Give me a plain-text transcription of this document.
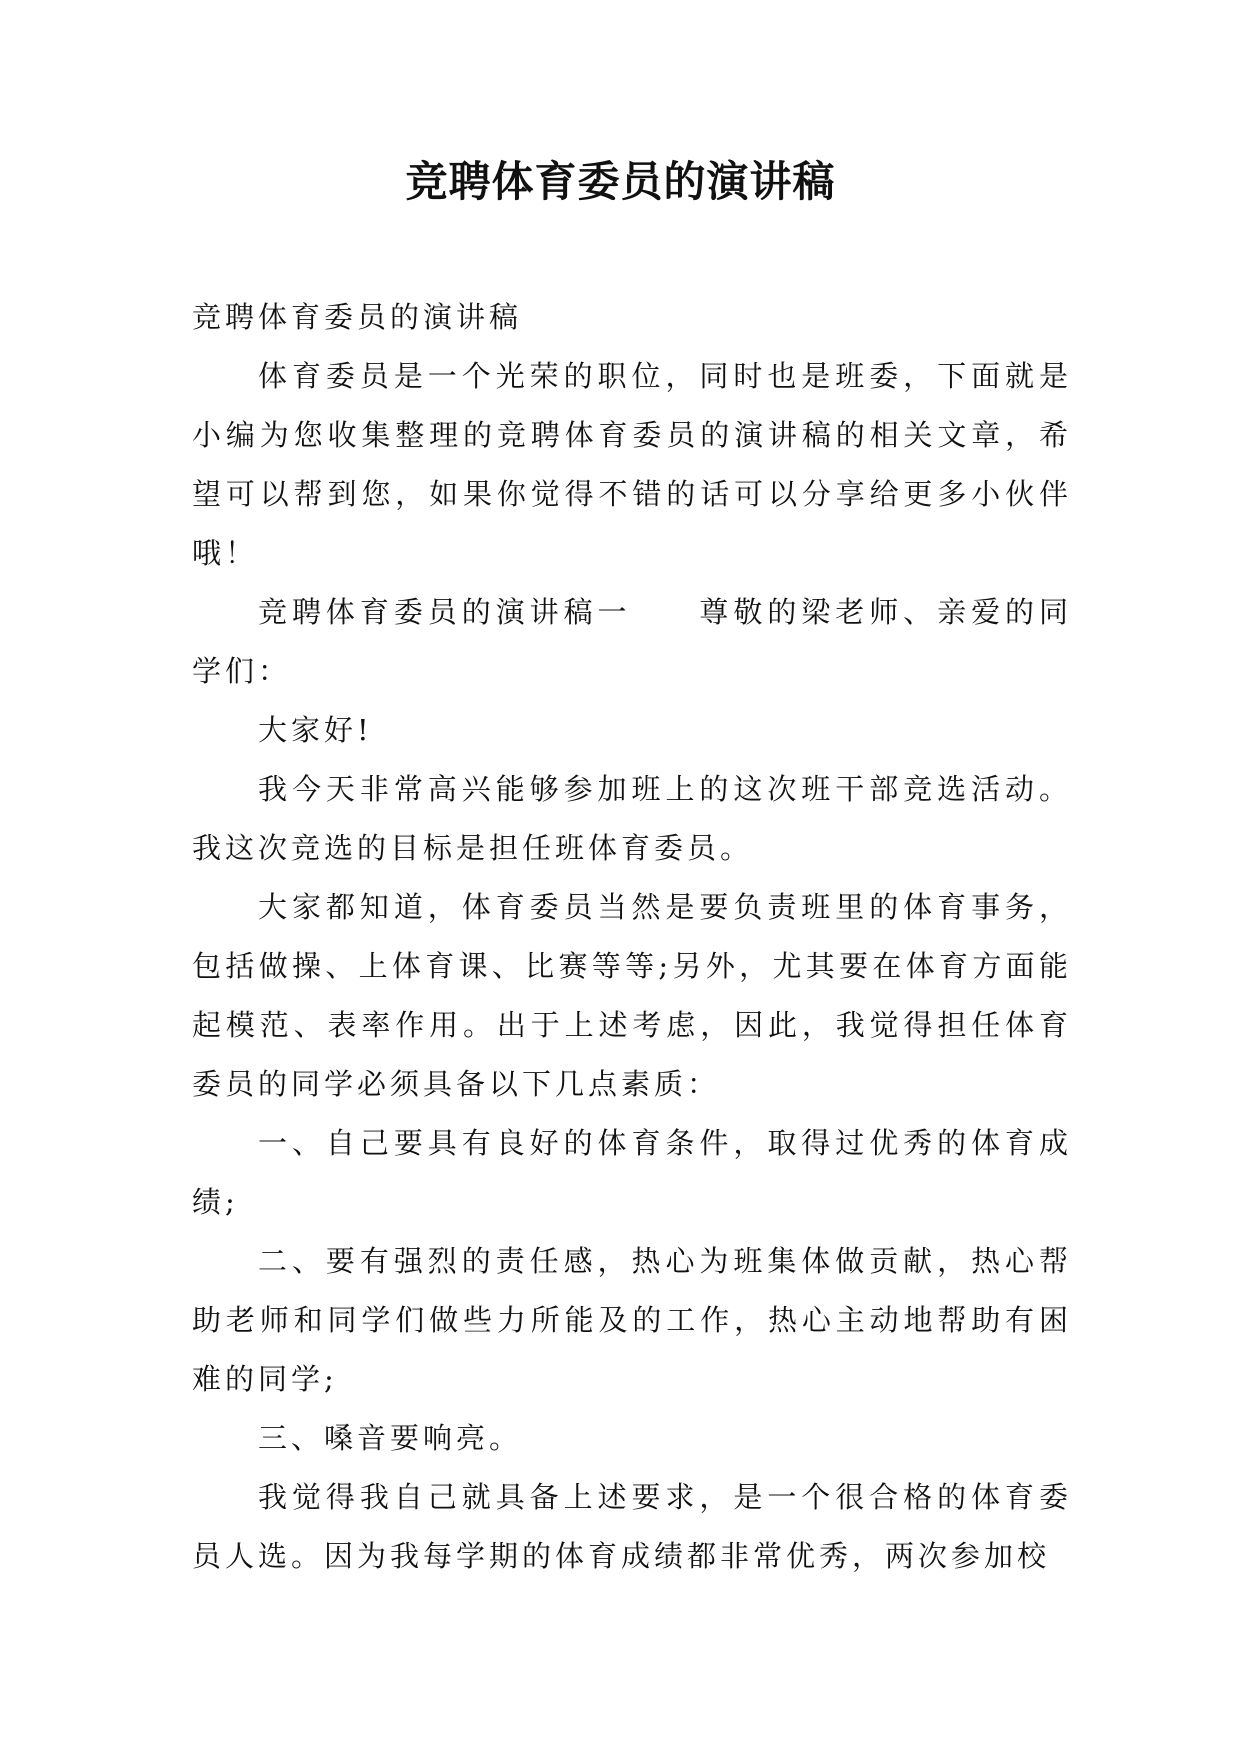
竞聘体育委员的演讲稿

竞聘体育委员的演讲稿

体育委员是一个光荣的职位，同时也是班委，下面就是小编为您收集整理的竞聘体育委员的演讲稿的相关文章，希望可以帮到您，如果你觉得不错的话可以分享给更多小伙伴哦！

竞聘体育委员的演讲稿一　　尊敬的梁老师、亲爱的同学们：

大家好!

我今天非常高兴能够参加班上的这次班干部竞选活动。我这次竞选的目标是担任班体育委员。

大家都知道，体育委员当然是要负责班里的体育事务，包括做操、上体育课、比赛等等;另外，尤其要在体育方面能起模范、表率作用。出于上述考虑，因此，我觉得担任体育委员的同学必须具备以下几点素质：

一、自己要具有良好的体育条件，取得过优秀的体育成绩;

二、要有强烈的责任感，热心为班集体做贡献，热心帮助老师和同学们做些力所能及的工作，热心主动地帮助有困难的同学;

三、嗓音要响亮。

我觉得我自己就具备上述要求，是一个很合格的体育委员人选。因为我每学期的体育成绩都非常优秀，两次参加校
